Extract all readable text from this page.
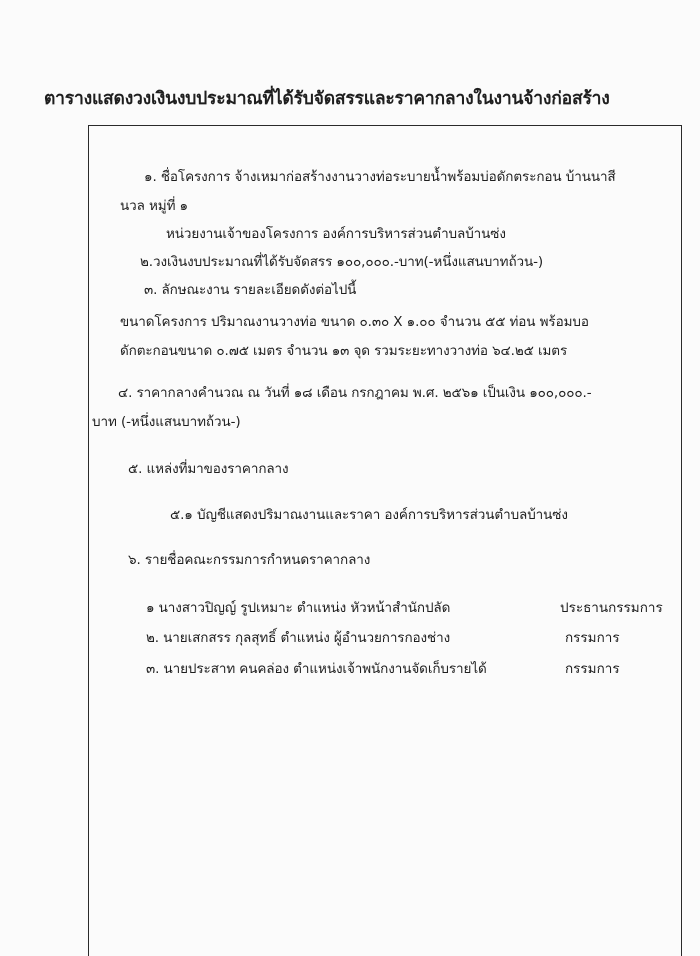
ตารางแสดงวงเงินงบประมาณที่ได้รับจัดสรรและราคากลางในงานจ้างก่อสร้าง
๑. ชื่อโครงการ จ้างเหมาก่อสร้างงานวางท่อระบายน้ำพร้อมบ่อดักตระกอน บ้านนาสี
นวล หมู่ที่ ๑
หน่วยงานเจ้าของโครงการ องค์การบริหารส่วนตำบลบ้านซ่ง
๒.วงเงินงบประมาณที่ได้รับจัดสรร ๑๐๐,๐๐๐.-บาท(-หนึ่งแสนบาทถ้วน-)
๓. ลักษณะงาน รายละเอียดดังต่อไปนี้
ขนาดโครงการ ปริมาณงานวางท่อ ขนาด ๐.๓๐ X ๑.๐๐ จำนวน ๕๕ ท่อน พร้อมบอ
ดักตะกอนขนาด ๐.๗๕ เมตร จำนวน ๑๓ จุด รวมระยะทางวางท่อ ๖๔.๒๕ เมตร
๔. ราคากลางคำนวณ ณ วันที่ ๑๘ เดือน กรกฎาคม พ.ศ. ๒๕๖๑ เป็นเงิน ๑๐๐,๐๐๐.-
บาท (-หนึ่งแสนบาทถ้วน-)
๕. แหล่งที่มาของราคากลาง
๕.๑ บัญชีแสดงปริมาณงานและราคา องค์การบริหารส่วนตำบลบ้านซ่ง
๖. รายชื่อคณะกรรมการกำหนดราคากลาง
๑ นางสาวปิญญ์ รูปเหมาะ ตำแหน่ง หัวหน้าสำนักปลัด	ประธานกรรมการ
๒. นายเสกสรร กุลสุทธิ์ ตำแหน่ง ผู้อำนวยการกองช่าง	กรรมการ
๓. นายประสาท คนคล่อง ตำแหน่งเจ้าพนักงานจัดเก็บรายได้	กรรมการ
